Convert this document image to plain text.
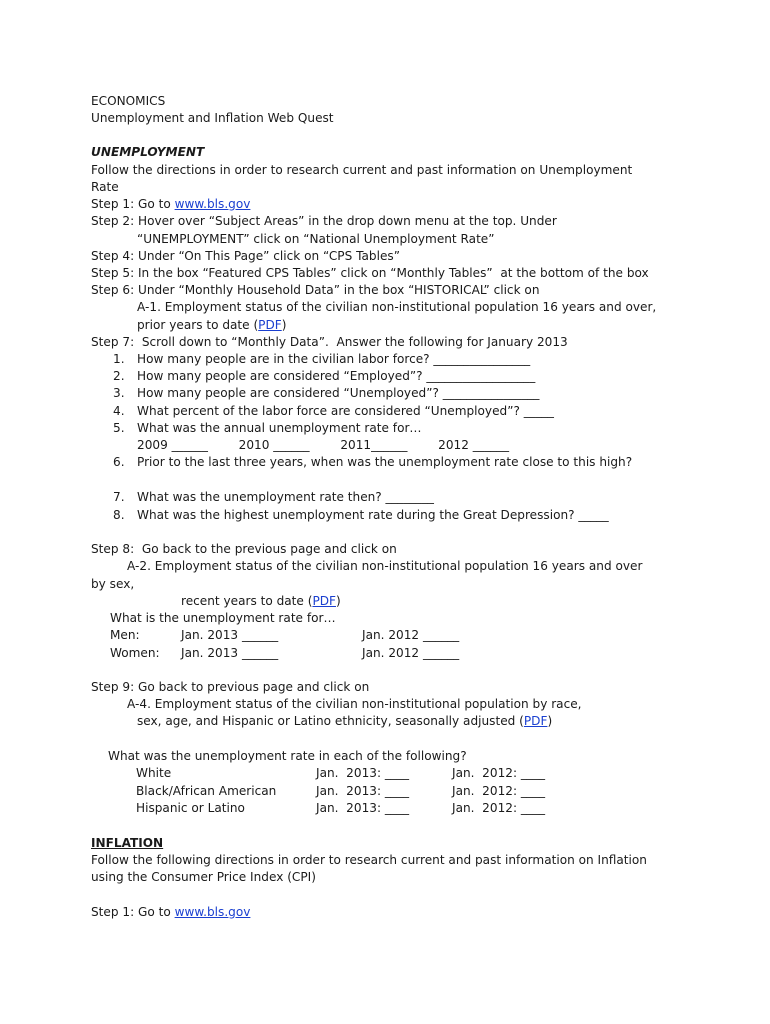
ECONOMICS
Unemployment and Inflation Web Quest
UNEMPLOYMENT
Follow the directions in order to research current and past information on Unemployment
Rate
Step 1: Go to www.bls.gov
Step 2: Hover over “Subject Areas” in the drop down menu at the top. Under
“UNEMPLOYMENT” click on “National Unemployment Rate”
Step 4: Under “On This Page” click on “CPS Tables”
Step 5: In the box “Featured CPS Tables” click on “Monthly Tables”  at the bottom of the box
Step 6: Under “Monthly Household Data” in the box “HISTORICAL” click on
A-1. Employment status of the civilian non-institutional population 16 years and over,
prior years to date (PDF)
Step 7:  Scroll down to “Monthly Data”.  Answer the following for January 2013
1. How many people are in the civilian labor force? ________________
2. How many people are considered “Employed”? __________________
3. How many people are considered “Unemployed”? ________________
4. What percent of the labor force are considered “Unemployed”? _____
5. What was the annual unemployment rate for…
2009 ______        2010 ______        2011______        2012 ______
6. Prior to the last three years, when was the unemployment rate close to this high?
7. What was the unemployment rate then? ________
8. What was the highest unemployment rate during the Great Depression? _____
Step 8:  Go back to the previous page and click on
A-2. Employment status of the civilian non-institutional population 16 years and over
by sex,
recent years to date (PDF)
What is the unemployment rate for…
Men:	Jan. 2013 ______	Jan. 2012 ______
Women: Jan. 2013 ______	Jan. 2012 ______
Step 9: Go back to previous page and click on
A-4. Employment status of the civilian non-institutional population by race,
sex, age, and Hispanic or Latino ethnicity, seasonally adjusted (PDF)
What was the unemployment rate in each of the following?
White	Jan.  2013: ____	Jan.  2012: ____
Black/African American	Jan.  2013: ____	Jan.  2012: ____
Hispanic or Latino	Jan.  2013: ____	Jan.  2012: ____
INFLATION
Follow the following directions in order to research current and past information on Inflation
using the Consumer Price Index (CPI)
Step 1: Go to www.bls.gov
